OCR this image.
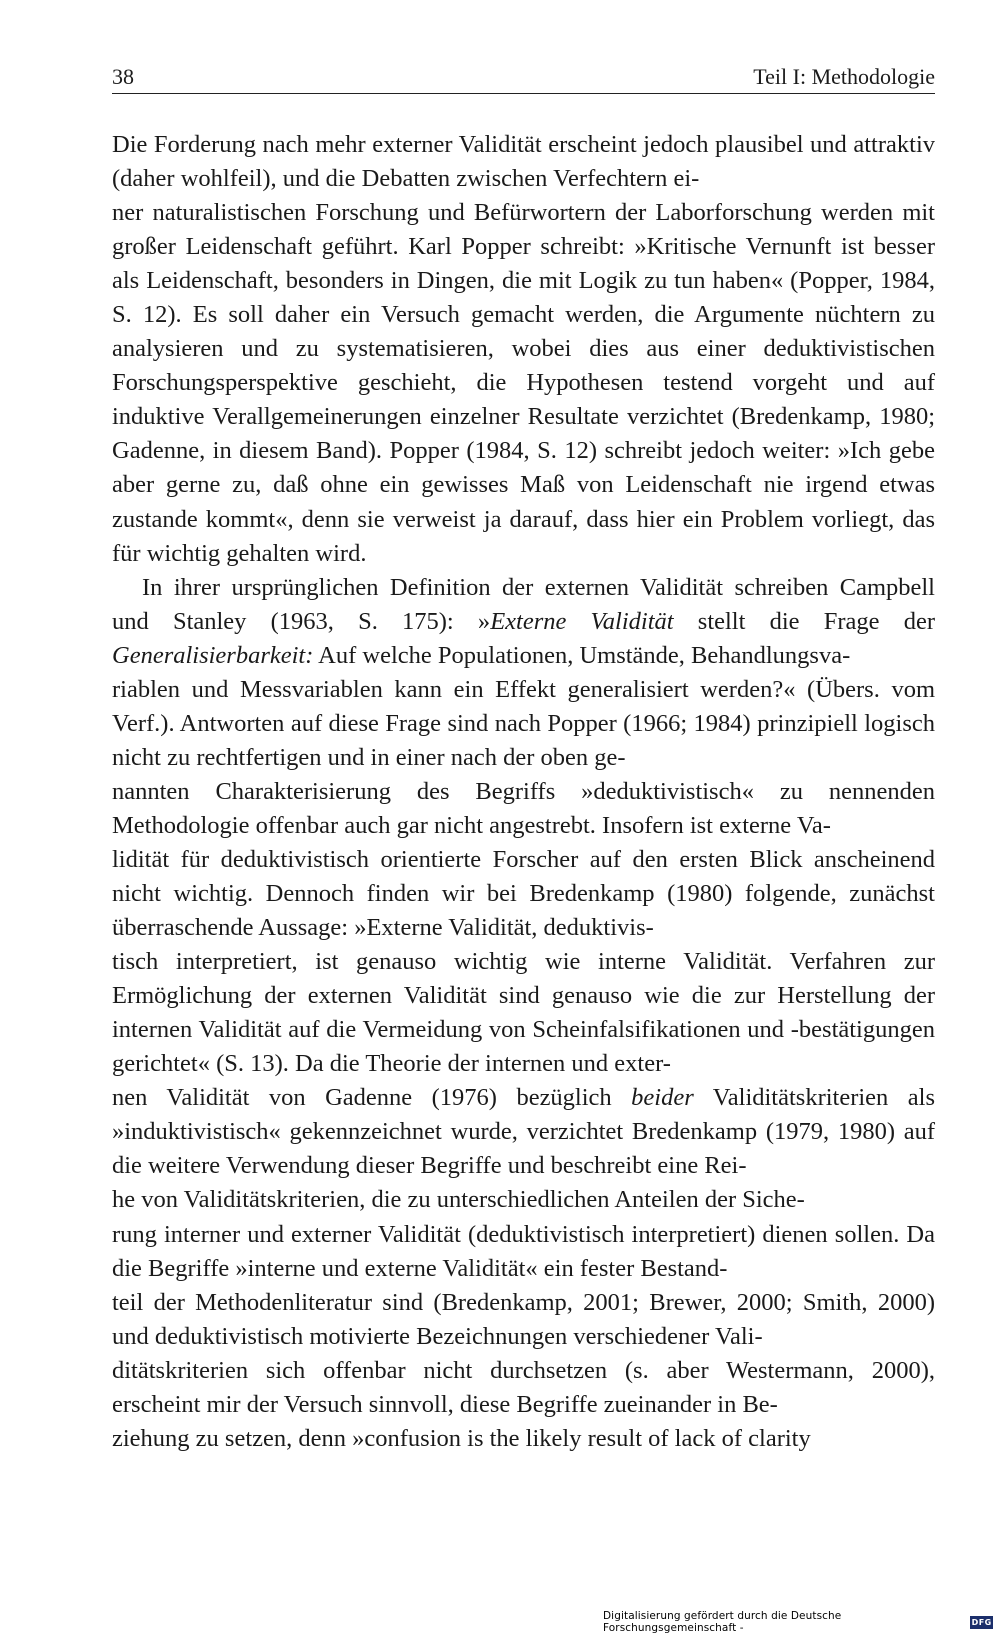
38	Teil I: Methodologie

Die Forderung nach mehr externer Validität erscheint jedoch plausibel und attraktiv (daher wohlfeil), und die Debatten zwischen Verfechtern ei-
ner naturalistischen Forschung und Befürwortern der Laborforschung werden mit großer Leidenschaft geführt. Karl Popper schreibt: »Kritische Vernunft ist besser als Leidenschaft, besonders in Dingen, die mit Logik zu tun haben« (Popper, 1984, S. 12). Es soll daher ein Versuch gemacht werden, die Argumente nüchtern zu analysieren und zu systematisieren, wobei dies aus einer deduktivistischen Forschungsperspektive geschieht, die Hypothesen testend vorgeht und auf induktive Verallgemeinerungen einzelner Resultate verzichtet (Bredenkamp, 1980; Gadenne, in diesem Band). Popper (1984, S. 12) schreibt jedoch weiter: »Ich gebe aber gerne zu, daß ohne ein gewisses Maß von Leidenschaft nie irgend etwas zustande kommt«, denn sie verweist ja darauf, dass hier ein Problem vorliegt, das für wichtig gehalten wird.

In ihrer ursprünglichen Definition der externen Validität schreiben Campbell und Stanley (1963, S. 175): »Externe Validität stellt die Frage der Generalisierbarkeit: Auf welche Populationen, Umstände, Behandlungsva-
riablen und Messvariablen kann ein Effekt generalisiert werden?« (Übers. vom Verf.). Antworten auf diese Frage sind nach Popper (1966; 1984) prinzipiell logisch nicht zu rechtfertigen und in einer nach der oben ge-
nannten Charakterisierung des Begriffs »deduktivistisch« zu nennenden Methodologie offenbar auch gar nicht angestrebt. Insofern ist externe Va-
lidität für deduktivistisch orientierte Forscher auf den ersten Blick anscheinend nicht wichtig. Dennoch finden wir bei Bredenkamp (1980) folgende, zunächst überraschende Aussage: »Externe Validität, deduktivis-
tisch interpretiert, ist genauso wichtig wie interne Validität. Verfahren zur Ermöglichung der externen Validität sind genauso wie die zur Herstellung der internen Validität auf die Vermeidung von Scheinfalsifikationen und -bestätigungen gerichtet« (S. 13). Da die Theorie der internen und exter-
nen Validität von Gadenne (1976) bezüglich beider Validitätskriterien als »induktivistisch« gekennzeichnet wurde, verzichtet Bredenkamp (1979, 1980) auf die weitere Verwendung dieser Begriffe und beschreibt eine Rei-
he von Validitätskriterien, die zu unterschiedlichen Anteilen der Siche-
rung interner und externer Validität (deduktivistisch interpretiert) dienen sollen. Da die Begriffe »interne und externe Validität« ein fester Bestand-
teil der Methodenliteratur sind (Bredenkamp, 2001; Brewer, 2000; Smith, 2000) und deduktivistisch motivierte Bezeichnungen verschiedener Vali-
ditätskriterien sich offenbar nicht durchsetzen (s. aber Westermann, 2000), erscheint mir der Versuch sinnvoll, diese Begriffe zueinander in Be-
ziehung zu setzen, denn »confusion is the likely result of lack of clarity

Digitalisierung gefördert durch die Deutsche Forschungsgemeinschaft -	DFG
